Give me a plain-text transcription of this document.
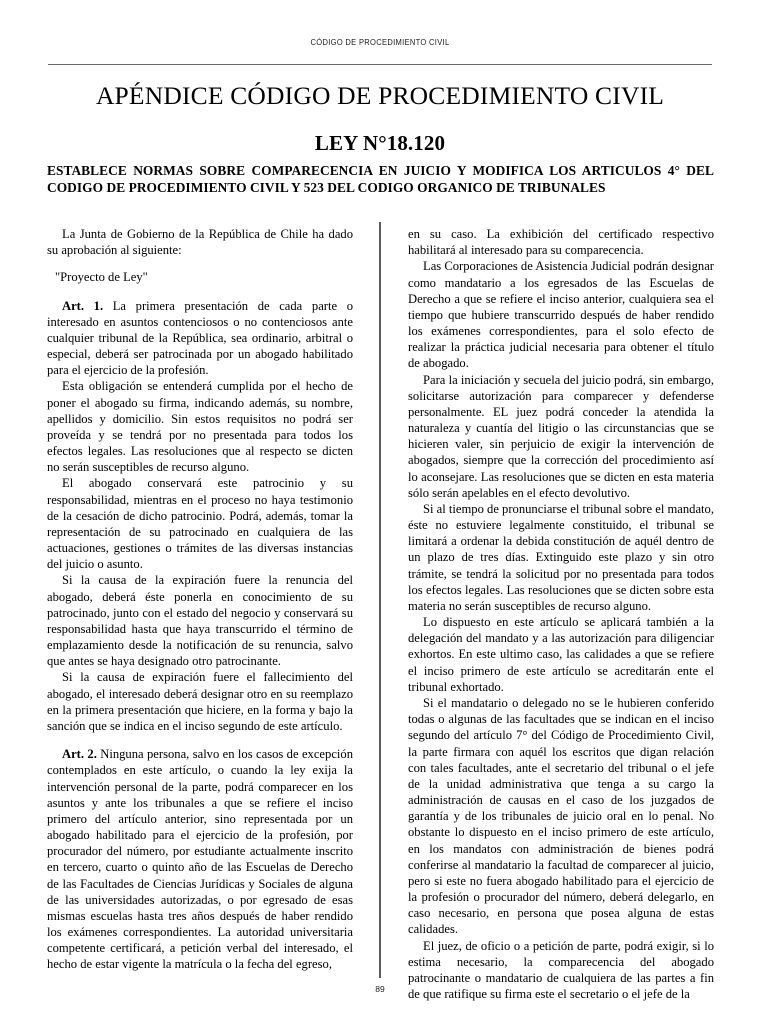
CÓDIGO DE PROCEDIMIENTO CIVIL
APÉNDICE CÓDIGO DE PROCEDIMIENTO CIVIL
LEY N°18.120

ESTABLECE NORMAS SOBRE COMPARECENCIA EN JUICIO Y MODIFICA LOS ARTICULOS 4° DEL CODIGO DE PROCEDIMIENTO CIVIL Y 523 DEL CODIGO ORGANICO DE TRIBUNALES

La Junta de Gobierno de la República de Chile ha dado su aprobación al siguiente:

"Proyecto de Ley"

Art. 1. La primera presentación de cada parte o interesado en asuntos contenciosos o no contenciosos ante cualquier tribunal de la República, sea ordinario, arbitral o especial, deberá ser patrocinada por un abogado habilitado para el ejercicio de la profesión.

Esta obligación se entenderá cumplida por el hecho de poner el abogado su firma, indicando además, su nombre, apellidos y domicilio. Sin estos requisitos no podrá ser proveída y se tendrá por no presentada para todos los efectos legales. Las resoluciones que al respecto se dicten no serán susceptibles de recurso alguno.

El abogado conservará este patrocinio y su responsabilidad, mientras en el proceso no haya testimonio de la cesación de dicho patrocinio. Podrá, además, tomar la representación de su patrocinado en cualquiera de las actuaciones, gestiones o trámites de las diversas instancias del juicio o asunto.

Si la causa de la expiración fuere la renuncia del abogado, deberá éste ponerla en conocimiento de su patrocinado, junto con el estado del negocio y conservará su responsabilidad hasta que haya transcurrido el término de emplazamiento desde la notificación de su renuncia, salvo que antes se haya designado otro patrocinante.

Si la causa de expiración fuere el fallecimiento del abogado, el interesado deberá designar otro en su reemplazo en la primera presentación que hiciere, en la forma y bajo la sanción que se indica en el inciso segundo de este artículo.

Art. 2. Ninguna persona, salvo en los casos de excepción contemplados en este artículo, o cuando la ley exija la intervención personal de la parte, podrá comparecer en los asuntos y ante los tribunales a que se refiere el inciso primero del artículo anterior, sino representada por un abogado habilitado para el ejercicio de la profesión, por procurador del número, por estudiante actualmente inscrito en tercero, cuarto o quinto año de las Escuelas de Derecho de las Facultades de Ciencias Jurídicas y Sociales de alguna de las universidades autorizadas, o por egresado de esas mismas escuelas hasta tres años después de haber rendido los exámenes correspondientes. La autoridad universitaria competente certificará, a petición verbal del interesado, el hecho de estar vigente la matrícula o la fecha del egreso,

en su caso. La exhibición del certificado respectivo habilitará al interesado para su comparecencia.

Las Corporaciones de Asistencia Judicial podrán designar como mandatario a los egresados de las Escuelas de Derecho a que se refiere el inciso anterior, cualquiera sea el tiempo que hubiere transcurrido después de haber rendido los exámenes correspondientes, para el solo efecto de realizar la práctica judicial necesaria para obtener el título de abogado.

Para la iniciación y secuela del juicio podrá, sin embargo, solicitarse autorización para comparecer y defenderse personalmente. EL juez podrá conceder la atendida la naturaleza y cuantía del litigio o las circunstancias que se hicieren valer, sin perjuicio de exigir la intervención de abogados, siempre que la corrección del procedimiento así lo aconsejare. Las resoluciones que se dicten en esta materia sólo serán apelables en el efecto devolutivo.

Si al tiempo de pronunciarse el tribunal sobre el mandato, éste no estuviere legalmente constituido, el tribunal se limitará a ordenar la debida constitución de aquél dentro de un plazo de tres días. Extinguido este plazo y sin otro trámite, se tendrá la solicitud por no presentada para todos los efectos legales. Las resoluciones que se dicten sobre esta materia no serán susceptibles de recurso alguno.

Lo dispuesto en este artículo se aplicará también a la delegación del mandato y a las autorización para diligenciar exhortos. En este ultimo caso, las calidades a que se refiere el inciso primero de este artículo se acreditarán ente el tribunal exhortado.

Si el mandatario o delegado no se le hubieren conferido todas o algunas de las facultades que se indican en el inciso segundo del artículo 7° del Código de Procedimiento Civil, la parte firmara con aquél los escritos que digan relación con tales facultades, ante el secretario del tribunal o el jefe de la unidad administrativa que tenga a su cargo la administración de causas en el caso de los juzgados de garantía y de los tribunales de juicio oral en lo penal. No obstante lo dispuesto en el inciso primero de este artículo, en los mandatos con administración de bienes podrá conferirse al mandatario la facultad de comparecer al juicio, pero si este no fuera abogado habilitado para el ejercicio de la profesión o procurador del número, deberá delegarlo, en caso necesario, en persona que posea alguna de estas calidades.

El juez, de oficio o a petición de parte, podrá exigir, si lo estima necesario, la comparecencia del abogado patrocinante o mandatario de cualquiera de las partes a fin de que ratifique su firma este el secretario o el jefe de la

89
